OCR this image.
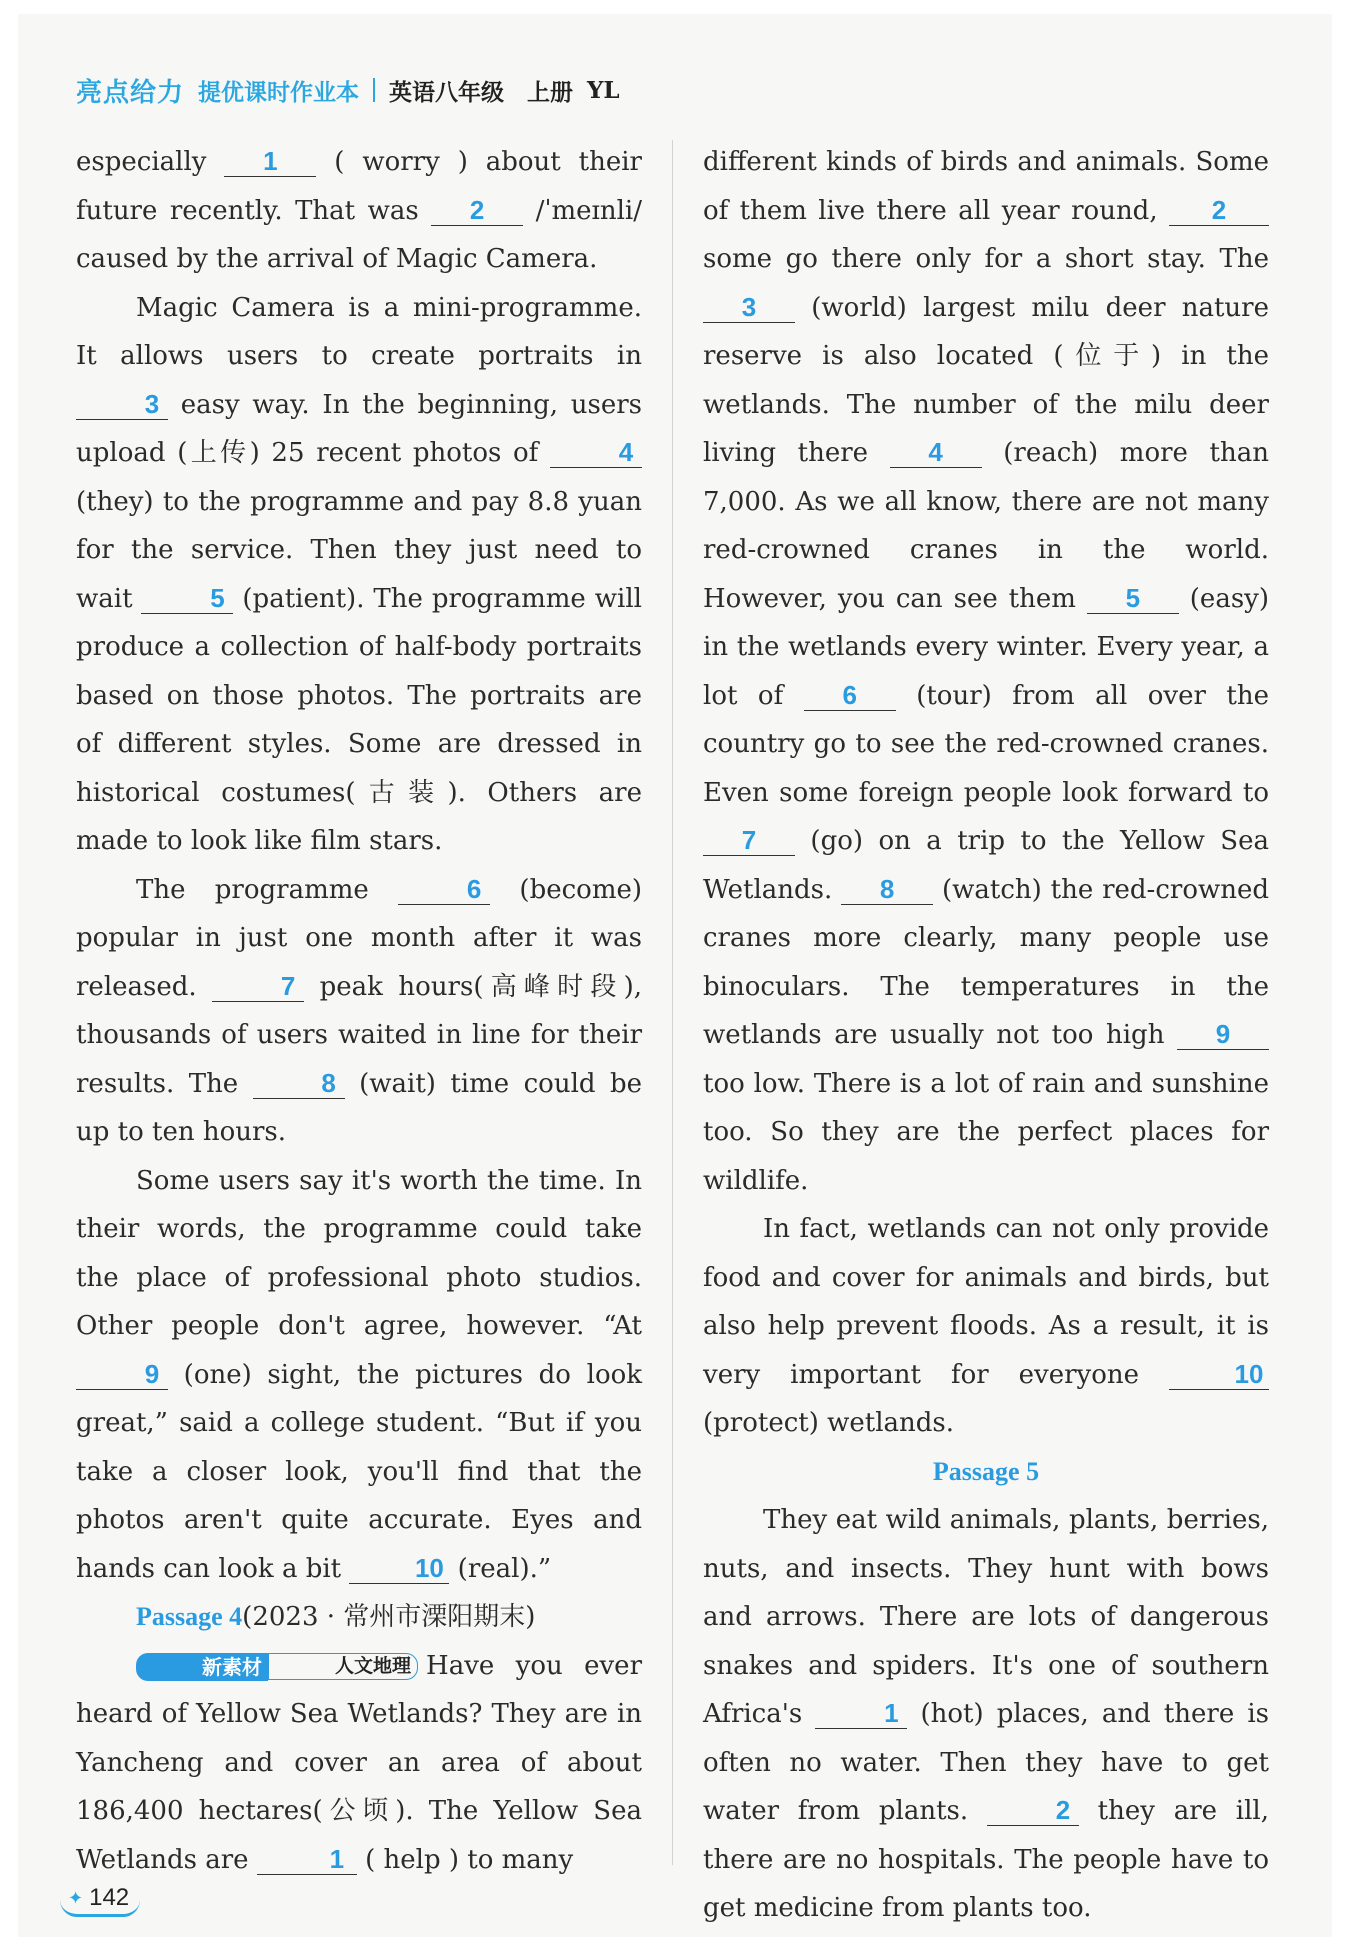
亮点给力 提优课时作业本 英语八年级　上册 YL

especially 1 ( worry ) about their future recently. That was 2 /ˈmeɪnli/ caused by the arrival of Magic Camera.

Magic Camera is a mini-programme. It allows users to create portraits in 3 easy way. In the beginning, users upload (上传) 25 recent photos of	4 (they) to the programme and pay 8.8 yuan for the service. Then they just need to wait	5 (patient). The programme will produce a collection of half-body portraits based on those photos. The portraits are of different styles. Some are dressed in historical costumes(古装). Others are made to look like film stars.

The programme	6 (become) popular in just one month after it was released.	7 peak hours(高峰时段), thousands of users waited in line for their results. The	8 (wait) time could be up to ten hours.

Some users say it's worth the time. In their words, the programme could take the place of professional photo studios. Other people don't agree, however. “At 9 (one) sight, the pictures do look great,” said a college student. “But if you take a closer look, you'll find that the photos aren't quite accurate. Eyes and hands can look a bit	10 (real).”

Passage 4(2023 · 常州市溧阳期末)

新素材	人文地理 Have you ever heard of Yellow Sea Wetlands? They are in Yancheng and cover an area of about 186,400 hectares(公顷). The Yellow Sea Wetlands are	1 ( help ) to many

different kinds of birds and animals. Some of them live there all year round, 2 some go there only for a short stay. The 3 (world) largest milu deer nature reserve is also located (位于) in the wetlands. The number of the milu deer living there 4 (reach) more than 7,000. As we all know, there are not many red-crowned cranes in the world. However, you can see them 5 (easy) in the wetlands every winter. Every year, a lot of 6 (tour) from all over the country go to see the red-crowned cranes. Even some foreign people look forward to 7 (go) on a trip to the Yellow Sea Wetlands. 8 (watch) the red-crowned cranes more clearly, many people use binoculars. The temperatures in the wetlands are usually not too high 9 too low. There is a lot of rain and sunshine too. So they are the perfect places for wildlife.

In fact, wetlands can not only provide food and cover for animals and birds, but also help prevent floods. As a result, it is very important for everyone	10 (protect) wetlands.

Passage 5

They eat wild animals, plants, berries, nuts, and insects. They hunt with bows and arrows. There are lots of dangerous snakes and spiders. It's one of southern Africa's	1 (hot) places, and there is often no water. Then they have to get water from plants.	2 they are ill, there are no hospitals. The people have to get medicine from plants too.

✦ 142
